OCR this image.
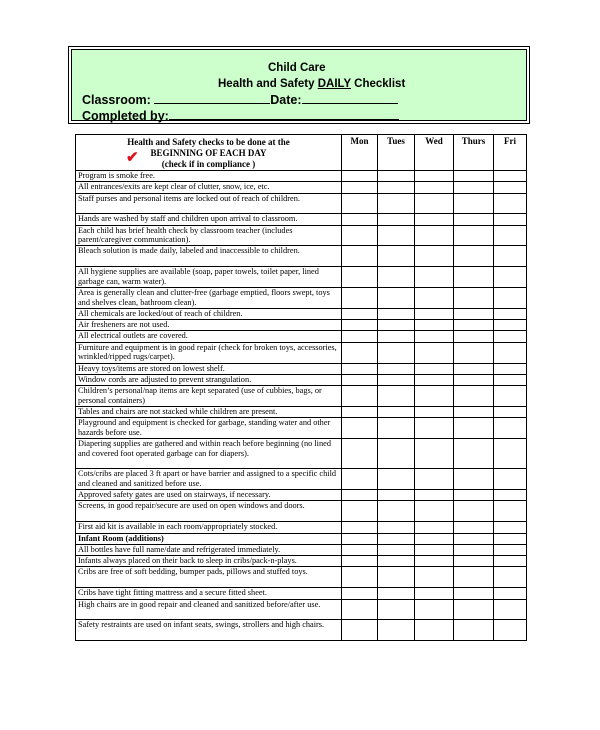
Child Care
Health and Safety DAILY Checklist
Classroom:	Date:
Completed by:
Health and Safety checks to be done at the
BEGINNING OF EACH DAY
(check if in compliance )
✔	Mon	Tues	Wed	Thurs	Fri
Program is smoke free.					
All entrances/exits are kept clear of clutter, snow, ice, etc.					
Staff purses and personal items are locked out of reach of children.					
Hands are washed by staff and children upon arrival to classroom.					
Each child has brief health check by classroom teacher (includes parent/caregiver communication).					
Bleach solution is made daily, labeled and inaccessible to children.					
All hygiene supplies are available (soap, paper towels, toilet paper, lined garbage can, warm water).					
Area is generally clean and clutter-free (garbage emptied, floors swept, toys and shelves clean, bathroom clean).					
All chemicals are locked/out of reach of children.					
Air fresheners are not used.					
All electrical outlets are covered.					
Furniture and equipment is in good repair (check for broken toys, accessories, wrinkled/ripped rugs/carpet).					
Heavy toys/items are stored on lowest shelf.					
Window cords are adjusted to prevent strangulation.					
Children’s personal/nap items are kept separated (use of cubbies, bags, or personal containers)					
Tables and chairs are not stacked while children are present.					
Playground and equipment is checked for garbage, standing water and other hazards before use.					
Diapering supplies are gathered and within reach before beginning (no lined and covered foot operated garbage can for diapers).					
Cots/cribs are placed 3 ft apart or have barrier and assigned to a specific child and cleaned and sanitized before use.					
Approved safety gates are used on stairways, if necessary.					
Screens, in good repair/secure are used on open windows and doors.					
First aid kit is available in each room/appropriately stocked.					
Infant Room (additions)					
All bottles have full name/date and refrigerated immediately.					
Infants always placed on their back to sleep in cribs/pack-n-plays.					
Cribs are free of soft bedding, bumper pads, pillows and stuffed toys.					
Cribs have tight fitting mattress and a secure fitted sheet.					
High chairs are in good repair and cleaned and sanitized before/after use.					
Safety restraints are used on infant seats, swings, strollers and high chairs.					
